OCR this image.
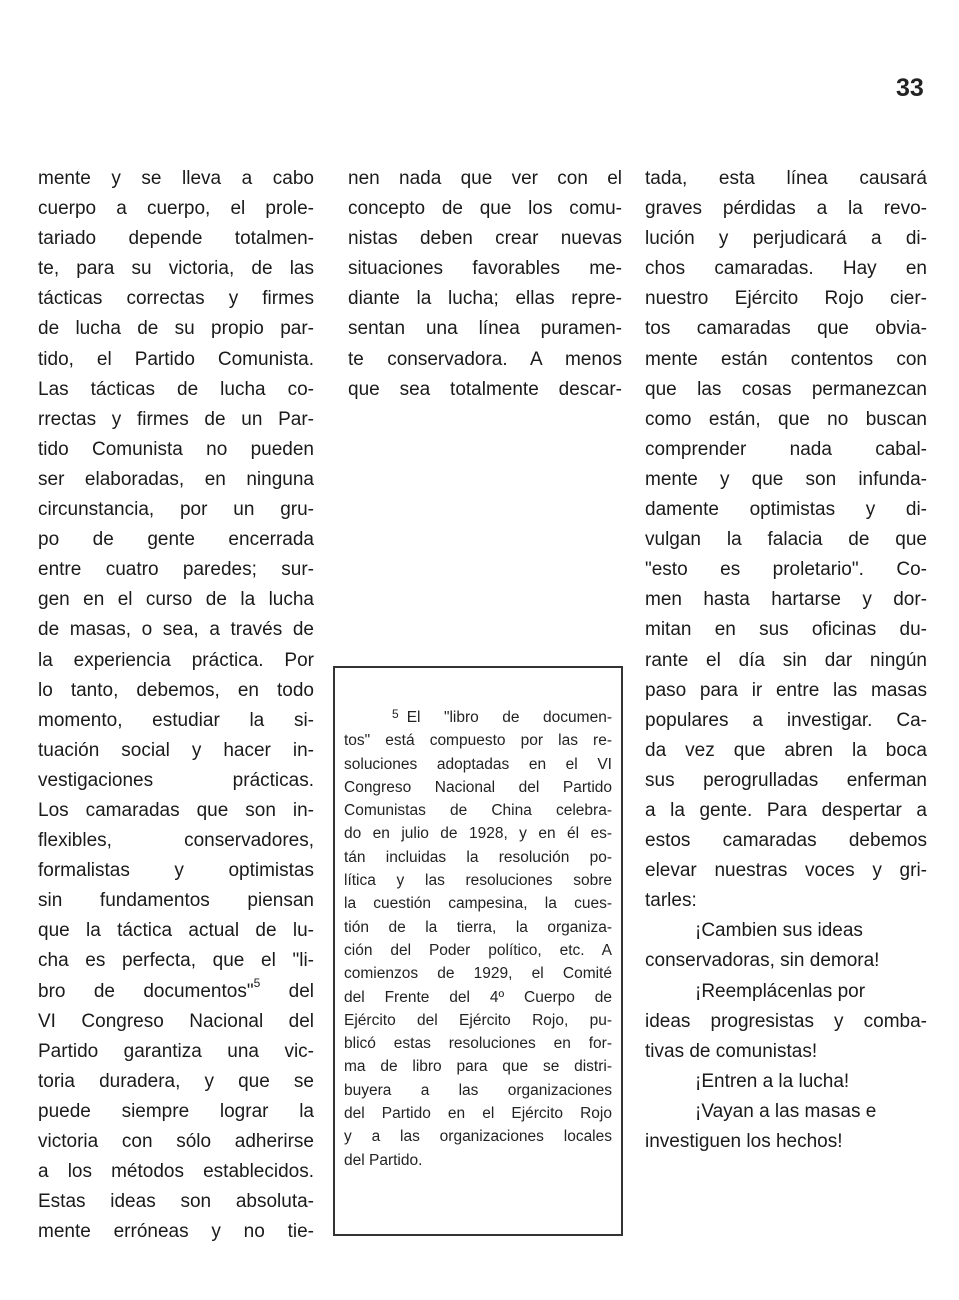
33
mente y se lleva a cabo
cuerpo a cuerpo, el prole-
tariado depende totalmen-
te, para su victoria, de las
tácticas correctas y firmes
de lucha de su propio par-
tido, el Partido Comunista.
Las tácticas de lucha co-
rrectas y firmes de un Par-
tido Comunista no pueden
ser elaboradas, en ninguna
circunstancia, por un gru-
po de gente encerrada
entre cuatro paredes; sur-
gen en el curso de la lucha
de masas, o sea, a través de
la experiencia práctica. Por
lo tanto, debemos, en todo
momento, estudiar la si-
tuación social y hacer in-
vestigaciones prácticas.
Los camaradas que son in-
flexibles, conservadores,
formalistas y optimistas
sin fundamentos piensan
que la táctica actual de lu-
cha es perfecta, que el "li-
bro de documentos"$^5$ del
VI Congreso Nacional del
Partido garantiza una vic-
toria duradera, y que se
puede siempre lograr la
victoria con sólo adherirse
a los métodos establecidos.
Estas ideas son absoluta-
mente erróneas y no tie-
nen nada que ver con el
concepto de que los comu-
nistas deben crear nuevas
situaciones favorables me-
diante la lucha; ellas repre-
sentan una línea puramen-
te conservadora. A menos
que sea totalmente descar-
tada, esta línea causará
graves pérdidas a la revo-
lución y perjudicará a di-
chos camaradas. Hay en
nuestro Ejército Rojo cier-
tos camaradas que obvia-
mente están contentos con
que las cosas permanezcan
como están, que no buscan
comprender nada cabal-
mente y que son infunda-
damente optimistas y di-
vulgan la falacia de que
"esto es proletario". Co-
men hasta hartarse y dor-
mitan en sus oficinas du-
rante el día sin dar ningún
paso para ir entre las masas
populares a investigar. Ca-
da vez que abren la boca
sus perogrulladas enferman
a la gente. Para despertar a
estos camaradas debemos
elevar nuestras voces y gri-
tarles:
¡Cambien sus ideas
conservadoras, sin demora!
¡Reemplácenlas por
ideas progresistas y comba-
tivas de comunistas!
¡Entren a la lucha!
¡Vayan a las masas e
investiguen los hechos!
$^5$ El "libro de documen-
tos" está compuesto por las re-
soluciones adoptadas en el VI
Congreso Nacional del Partido
Comunistas de China celebra-
do en julio de 1928, y en él es-
tán incluidas la resolución po-
lítica y las resoluciones sobre
la cuestión campesina, la cues-
tión de la tierra, la organiza-
ción del Poder político, etc. A
comienzos de 1929, el Comité
del Frente del 4º Cuerpo de
Ejército del Ejército Rojo, pu-
blicó estas resoluciones en for-
ma de libro para que se distri-
buyera a las organizaciones
del Partido en el Ejército Rojo
y a las organizaciones locales
del Partido.
